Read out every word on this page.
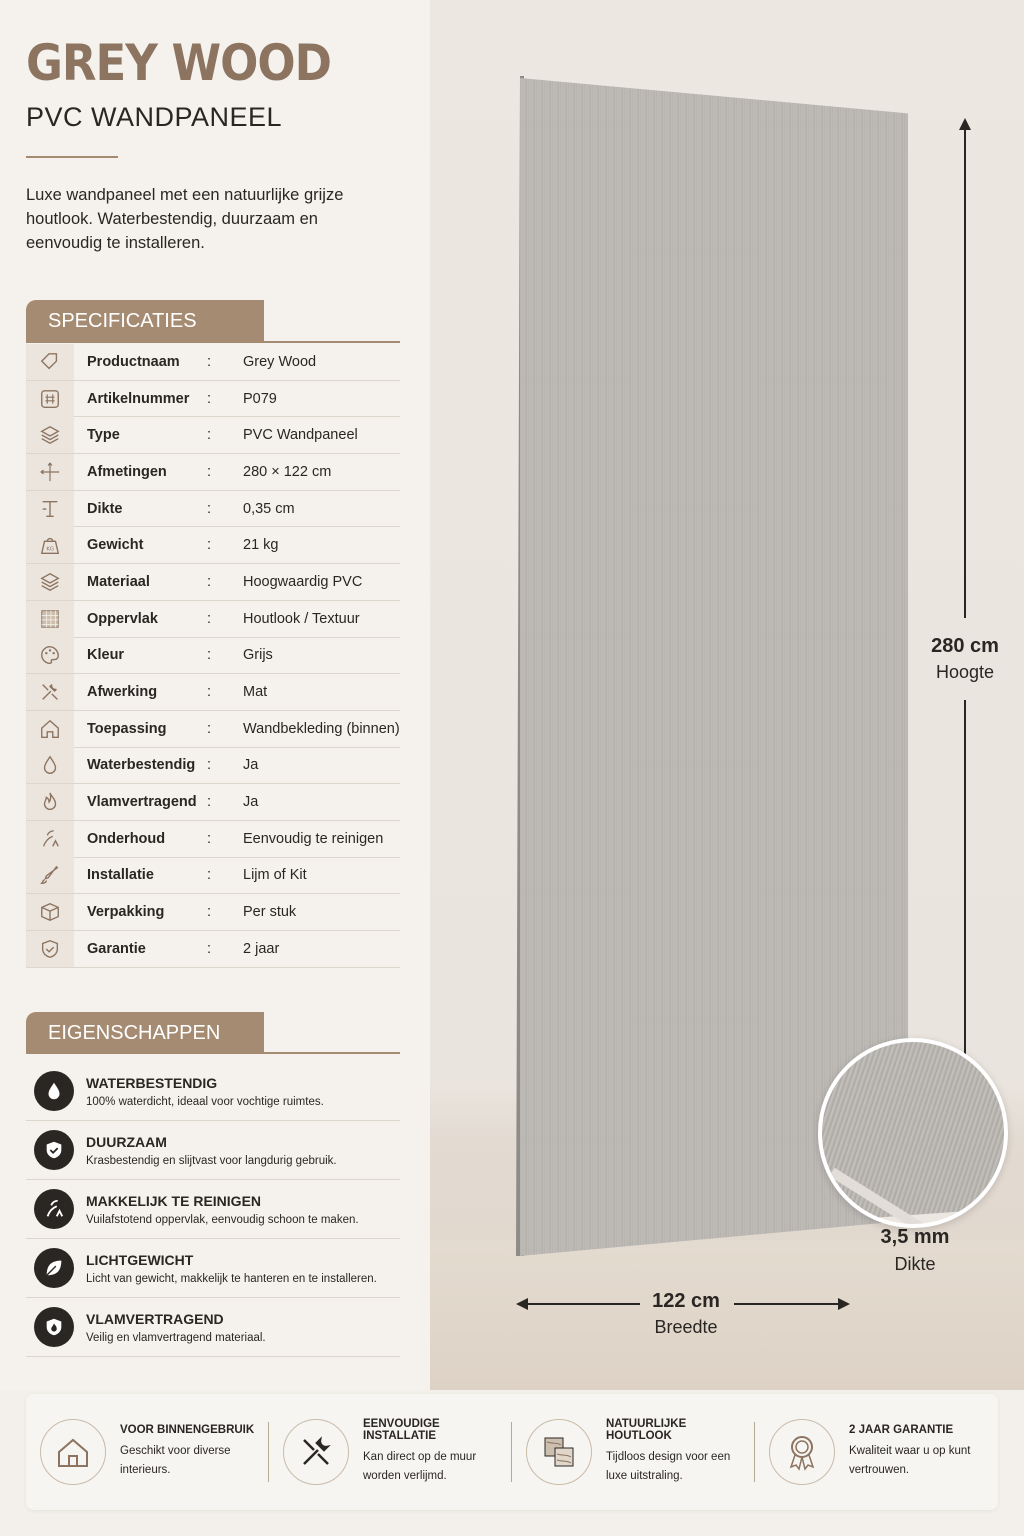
GREY WOOD
PVC WANDPANEEL

Luxe wandpaneel met een natuurlijke grijze houtlook. Waterbestendig, duurzaam en eenvoudig te installeren.

SPECIFICATIES
Productnaam	:	Grey Wood
Artikelnummer	:	P079
Type	:	PVC Wandpaneel
Afmetingen	:	280 × 122 cm
Dikte	:	0,35 cm
KG Gewicht	:	21 kg
Materiaal	:	Hoogwaardig PVC
Oppervlak	:	Houtlook / Textuur
Kleur	:	Grijs
Afwerking	:	Mat
Toepassing	:	Wandbekleding (binnen)
Waterbestendig :	Ja
Vlamvertragend :	Ja
Onderhoud	:	Eenvoudig te reinigen
Installatie	:	Lijm of Kit
Verpakking	:	Per stuk
Garantie	:	2 jaar
EIGENSCHAPPEN
WATERBESTENDIG
100% waterdicht, ideaal voor vochtige ruimtes.
DUURZAAM
Krasbestendig en slijtvast voor langdurig gebruik.
MAKKELIJK TE REINIGEN
Vuilafstotend oppervlak, eenvoudig schoon te maken.
LICHTGEWICHT
Licht van gewicht, makkelijk te hanteren en te installeren.
VLAMVERTRAGEND
Veilig en vlamvertragend materiaal.
280 cm
Hoogte
3,5 mm
Dikte
122 cm
Breedte
VOOR BINNENGEBRUIK
Geschikt voor diverse interieurs.
EENVOUDIGE INSTALLATIE
Kan direct op de muur worden verlijmd.
NATUURLIJKE HOUTLOOK
Tijdloos design voor een luxe uitstraling.
2 JAAR GARANTIE
Kwaliteit waar u op kunt vertrouwen.
